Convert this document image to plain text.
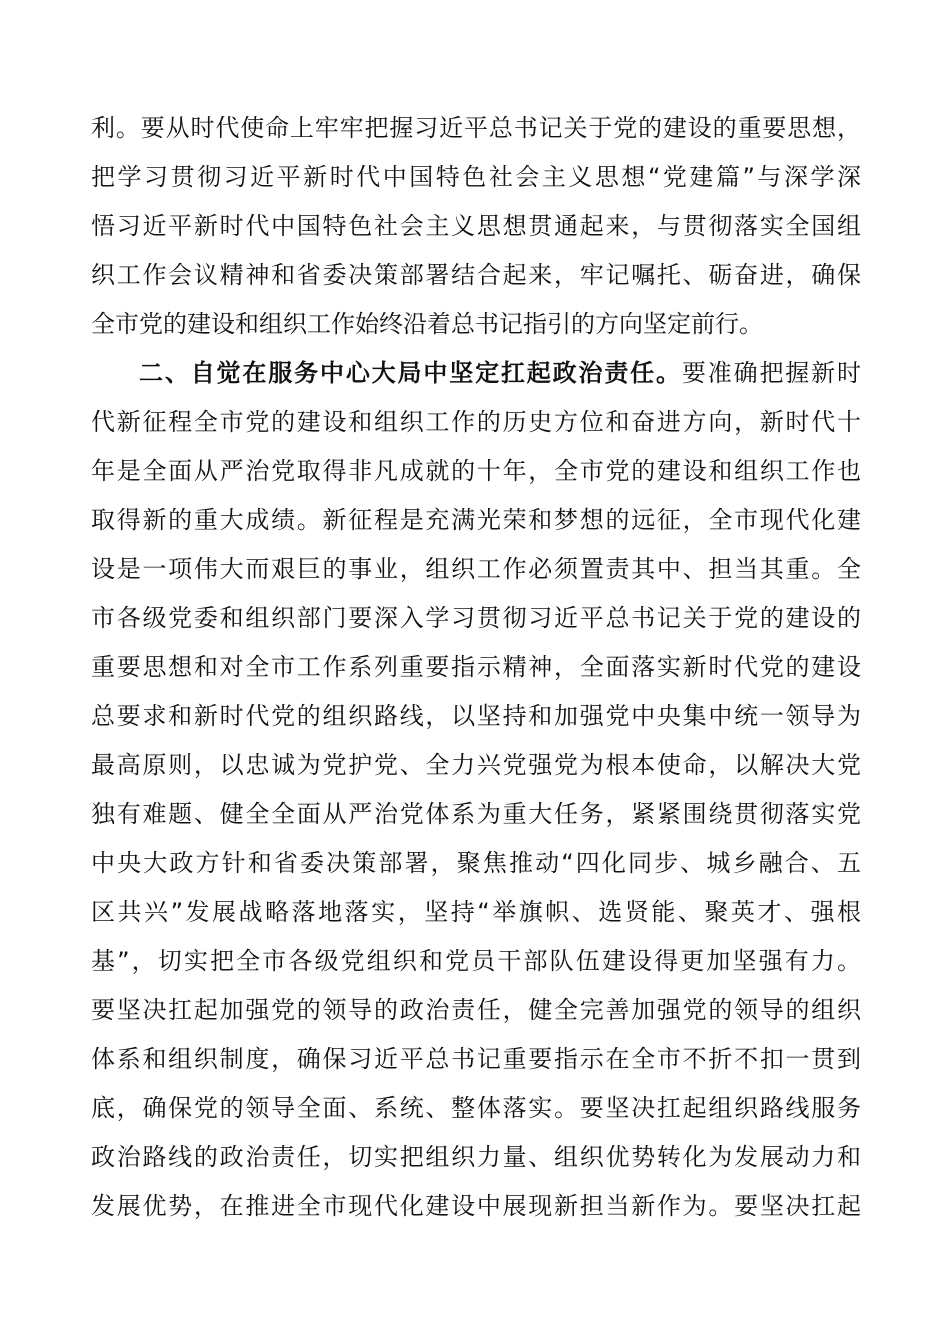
利。要从时代使命上牢牢把握习近平总书记关于党的建设的重要思想，
把学习贯彻习近平新时代中国特色社会主义思想“党建篇”与深学深
悟习近平新时代中国特色社会主义思想贯通起来，与贯彻落实全国组
织工作会议精神和省委决策部署结合起来，牢记嘱托、砺奋进，确保
全市党的建设和组织工作始终沿着总书记指引的方向坚定前行。
二、自觉在服务中心大局中坚定扛起政治责任。要准确把握新时
代新征程全市党的建设和组织工作的历史方位和奋进方向，新时代十
年是全面从严治党取得非凡成就的十年，全市党的建设和组织工作也
取得新的重大成绩。新征程是充满光荣和梦想的远征，全市现代化建
设是一项伟大而艰巨的事业，组织工作必须置责其中、担当其重。全
市各级党委和组织部门要深入学习贯彻习近平总书记关于党的建设的
重要思想和对全市工作系列重要指示精神，全面落实新时代党的建设
总要求和新时代党的组织路线，以坚持和加强党中央集中统一领导为
最高原则，以忠诚为党护党、全力兴党强党为根本使命，以解决大党
独有难题、健全全面从严治党体系为重大任务，紧紧围绕贯彻落实党
中央大政方针和省委决策部署，聚焦推动“四化同步、城乡融合、五
区共兴”发展战略落地落实，坚持“举旗帜、选贤能、聚英才、强根
基”，切实把全市各级党组织和党员干部队伍建设得更加坚强有力。
要坚决扛起加强党的领导的政治责任，健全完善加强党的领导的组织
体系和组织制度，确保习近平总书记重要指示在全市不折不扣一贯到
底，确保党的领导全面、系统、整体落实。要坚决扛起组织路线服务
政治路线的政治责任，切实把组织力量、组织优势转化为发展动力和
发展优势，在推进全市现代化建设中展现新担当新作为。要坚决扛起
